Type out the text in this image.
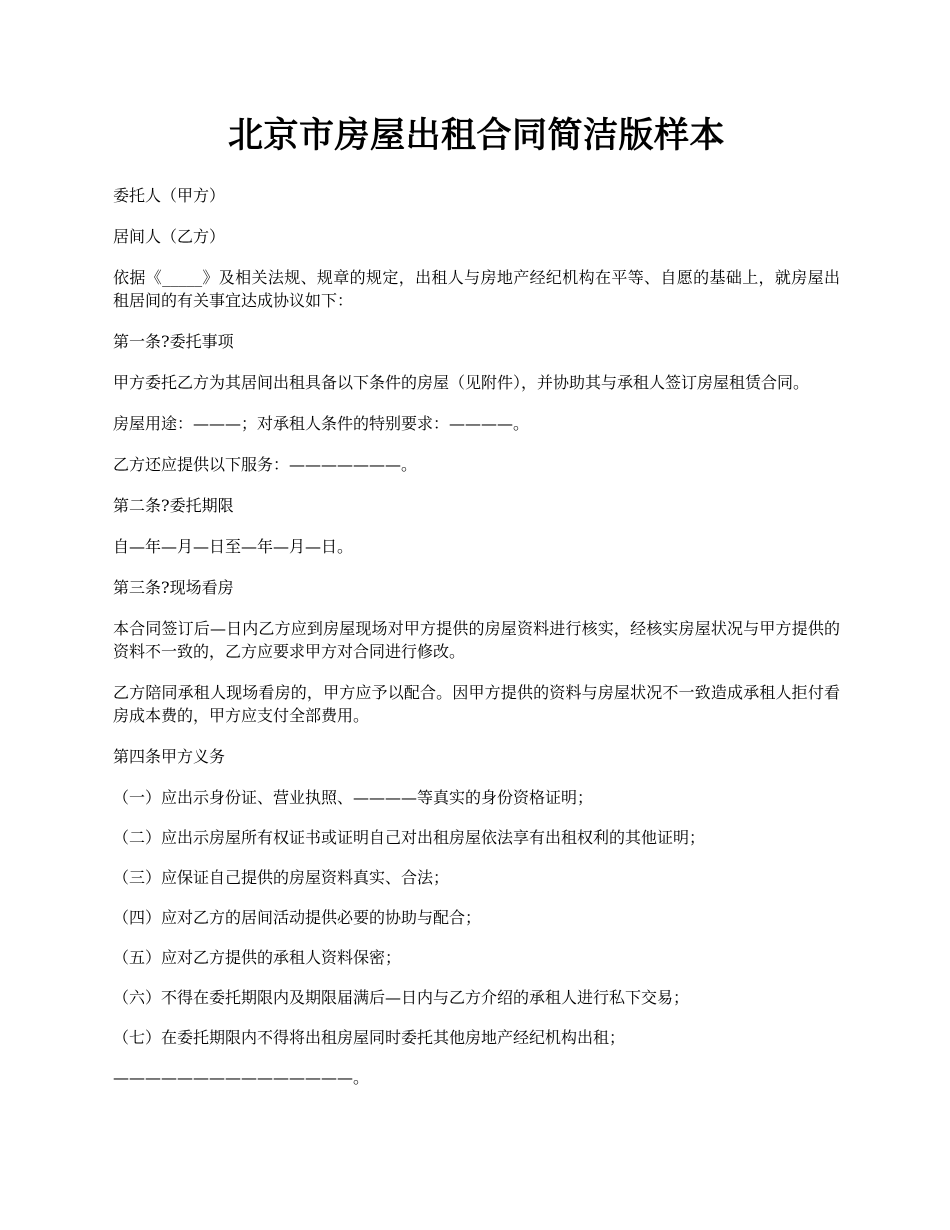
北京市房屋出租合同简洁版样本

委托人（甲方）

居间人（乙方）

依据《_____》及相关法规、规章的规定，出租人与房地产经纪机构在平等、自愿的基础上，就房屋出租居间的有关事宜达成协议如下：

第一条?委托事项

甲方委托乙方为其居间出租具备以下条件的房屋（见附件），并协助其与承租人签订房屋租赁合同。

房屋用途：———；对承租人条件的特别要求：————。

乙方还应提供以下服务：———————。

第二条?委托期限

自—年—月—日至—年—月—日。

第三条?现场看房

本合同签订后—日内乙方应到房屋现场对甲方提供的房屋资料进行核实，经核实房屋状况与甲方提供的资料不一致的，乙方应要求甲方对合同进行修改。

乙方陪同承租人现场看房的，甲方应予以配合。因甲方提供的资料与房屋状况不一致造成承租人拒付看房成本费的，甲方应支付全部费用。

第四条甲方义务

（一）应出示身份证、营业执照、————等真实的身份资格证明；

（二）应出示房屋所有权证书或证明自己对出租房屋依法享有出租权利的其他证明；

（三）应保证自己提供的房屋资料真实、合法；

（四）应对乙方的居间活动提供必要的协助与配合；

（五）应对乙方提供的承租人资料保密；

（六）不得在委托期限内及期限届满后—日内与乙方介绍的承租人进行私下交易；

（七）在委托期限内不得将出租房屋同时委托其他房地产经纪机构出租；

———————————————。
